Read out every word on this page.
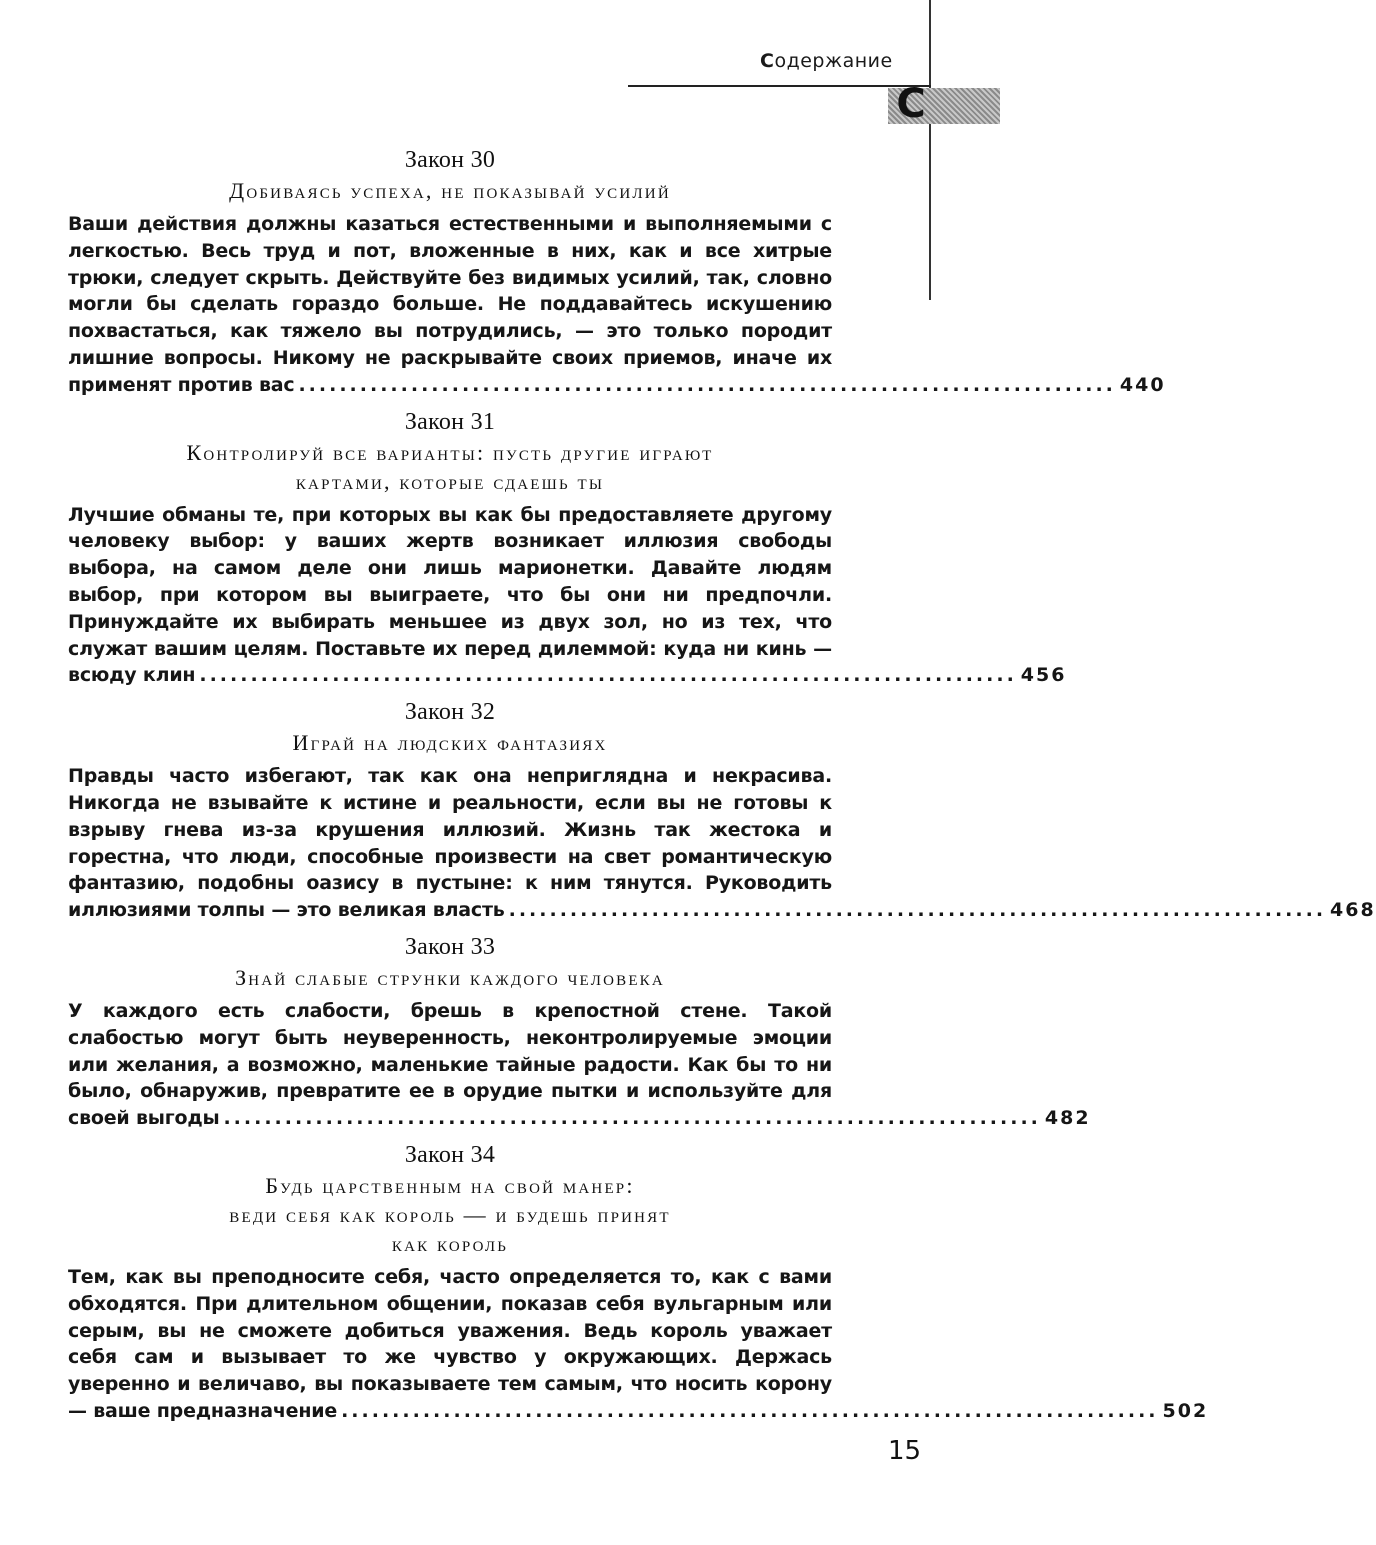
Содержание
C
Закон 30
Добиваясь успеха, не показывай усилий
Ваши действия должны казаться естественными и выполняемыми с легкостью. Весь труд и пот, вложенные в них, как и все хитрые трюки, следует скрыть. Действуйте без видимых усилий, так, словно могли бы сделать гораздо больше. Не поддавайтесь искушению похвастаться, как тяжело вы потрудились, — это только породит лишние вопросы. Никому не раскрывайте своих приемов, иначе их
применят против вас ................................................................................ 440
Закон 31
Контролируй все варианты: пусть другие играют
картами, которые сдаешь ты
Лучшие обманы те, при которых вы как бы предоставляете другому человеку выбор: у ваших жертв возникает иллюзия свободы выбора, на самом деле они лишь марионетки. Давайте людям выбор, при котором вы выиграете, что бы они ни предпочли. Принуждайте их выбирать меньшее из двух зол, но из тех, что служат вашим целям. Поставьте их перед дилеммой: куда ни кинь —
всюду клин ................................................................................ 456
Закон 32
Играй на людских фантазиях
Правды часто избегают, так как она неприглядна и некрасива. Никогда не взывайте к истине и реальности, если вы не готовы к взрыву гнева из-за крушения иллюзий. Жизнь так жестока и горестна, что люди, способные произвести на свет романтическую фантазию, подобны оазису в пустыне: к ним тянутся. Руководить
иллюзиями толпы — это великая власть ................................................................................ 468
Закон 33
Знай слабые струнки каждого человека
У каждого есть слабости, брешь в крепостной стене. Такой слабостью могут быть неуверенность, неконтролируемые эмоции или желания, а возможно, маленькие тайные радости. Как бы то ни было, обнаружив, превратите ее в орудие пытки и используйте для
своей выгоды ................................................................................ 482
Закон 34
Будь царственным на свой манер:
веди себя как король — и будешь принят
как король
Тем, как вы преподносите себя, часто определяется то, как с вами обходятся. При длительном общении, показав себя вульгарным или серым, вы не сможете добиться уважения. Ведь король уважает себя сам и вызывает то же чувство у окружающих. Держась уверенно и величаво, вы показываете тем самым, что носить корону
— ваше предназначение ................................................................................ 502
15
